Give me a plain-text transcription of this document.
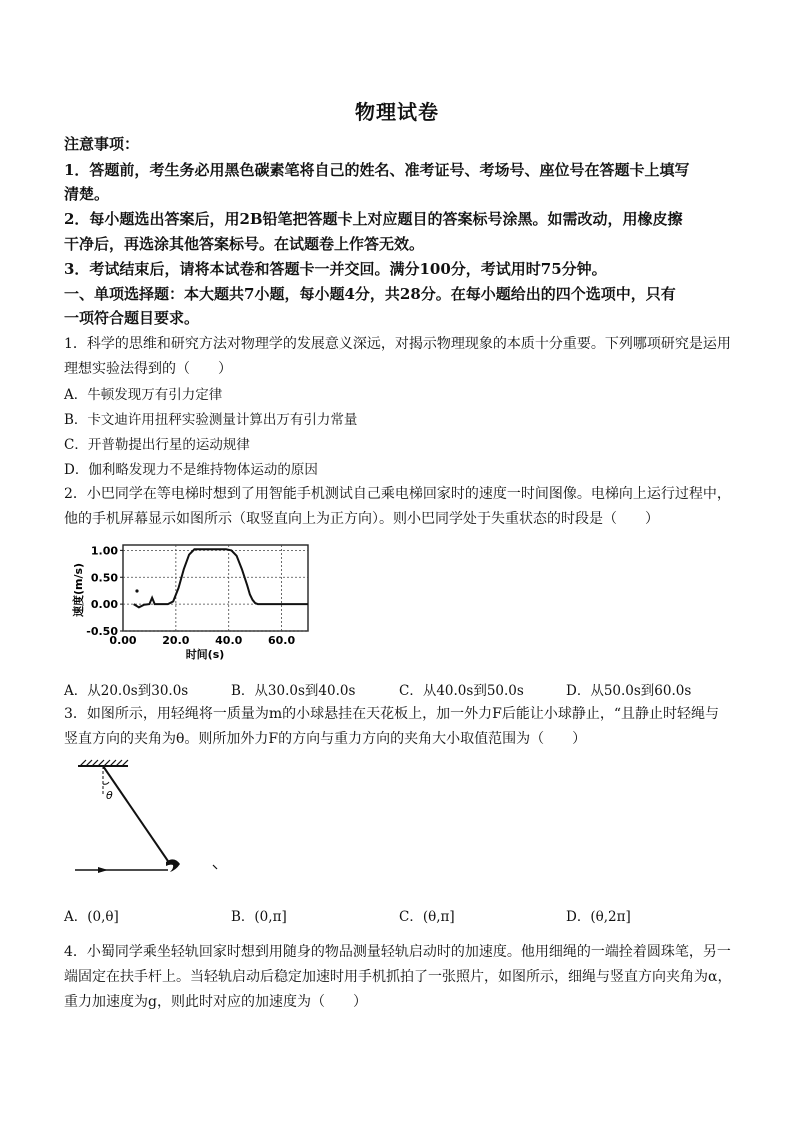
物理试卷
注意事项：
1．答题前，考生务必用黑色碳素笔将自己的姓名、准考证号、考场号、座位号在答题卡上填写
清楚。
2．每小题选出答案后，用2B铅笔把答题卡上对应题目的答案标号涂黑。如需改动，用橡皮擦
干净后，再选涂其他答案标号。在试题卷上作答无效。
3．考试结束后，请将本试卷和答题卡一并交回。满分100分，考试用时75分钟。
一、单项选择题：本大题共7小题，每小题4分，共28分。在每小题给出的四个选项中，只有
一项符合题目要求。
1．科学的思维和研究方法对物理学的发展意义深远，对揭示物理现象的本质十分重要。下列哪项研究是运用
理想实验法得到的（　　）
A．牛顿发现万有引力定律
B．卡文迪许用扭秤实验测量计算出万有引力常量
C．开普勒提出行星的运动规律
D．伽利略发现力不是维持物体运动的原因
2．小巴同学在等电梯时想到了用智能手机测试自己乘电梯回家时的速度一时间图像。电梯向上运行过程中，
他的手机屏幕显示如图所示（取竖直向上为正方向）。则小巴同学处于失重状态的时段是（　　）
0.00 20.0 40.0 60.0
1.00
0.50
0.00
-0.50
速度(m/s)
时间(s)
A．从20.0s到30.0s	B．从30.0s到40.0s	C．从40.0s到50.0s	D．从50.0s到60.0s
3．如图所示，用轻绳将一质量为m的小球悬挂在天花板上，加一外力F后能让小球静止，“且静止时轻绳与
竖直方向的夹角为θ。则所加外力F的方向与重力方向的夹角大小取值范围为（　　）
θ
A．(0,θ]	B．(0,π]	C．(θ,π]	D．(θ,2π]
4．小蜀同学乘坐轻轨回家时想到用随身的物品测量轻轨启动时的加速度。他用细绳的一端拴着圆珠笔，另一
端固定在扶手杆上。当轻轨启动后稳定加速时用手机抓拍了一张照片，如图所示，细绳与竖直方向夹角为α，
重力加速度为g，则此时对应的加速度为（　　）
